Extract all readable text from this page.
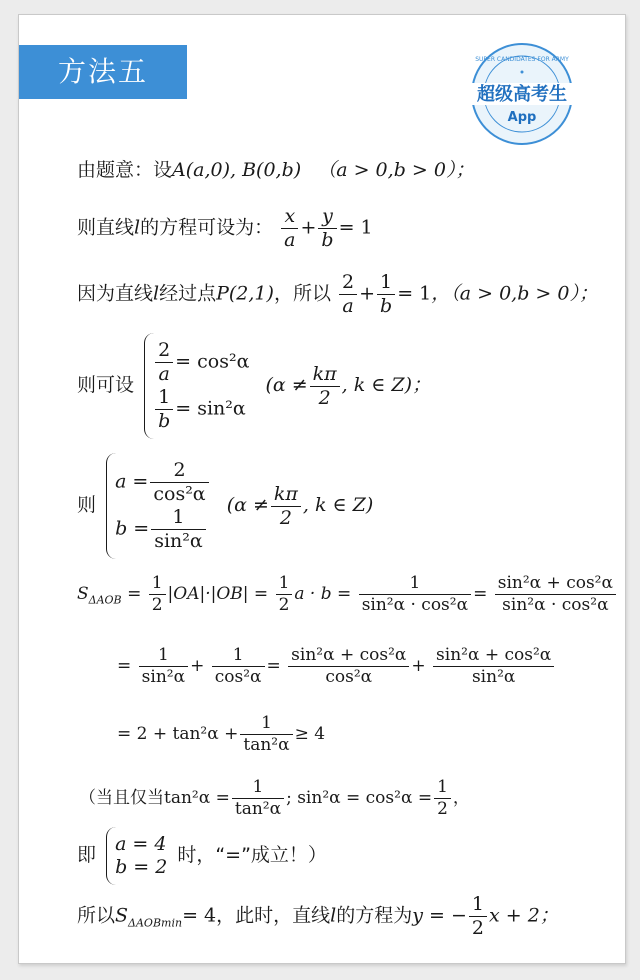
方法五
超级高考生
App
SUPER CANDIDATES FOR ARMY
由题意：设A(a,0), B(0,b) （a > 0,b > 0）；
则直线l的方程可设为： $\frac{x}{a} + \frac{y}{b} = 1$
因为直线l经过点P(2,1)，所以 $\frac{2}{a} + \frac{1}{b} = 1$，（a > 0,b > 0）；
则可设
$\frac{2}{a} = \cos^2\alpha$
$\frac{1}{b} = \sin^2\alpha$
($\alpha \ne \frac{k\pi}{2}$ , k ∈ Z)；
则
$a = \frac{2}{\text{cos²α}}$
$b = \frac{1}{\text{sin²α}}$
($\alpha \ne \frac{k\pi}{2}$ , k ∈ Z)
$S_{\Delta AOB} = \frac{1}{2} |OA|\cdot|OB| = \frac{1}{2}$ $a \cdot b = \frac{1}{\text{sin²α · cos²α}} = \frac{\text{sin²α + cos²α}}{\text{sin²α · cos²α}}$
= $\frac{1}{\text{sin²α}} + \frac{1}{\text{cos²α}} = \frac{\text{sin²α + cos²α}}{\text{cos²α}} + \frac{\text{sin²α + cos²α}}{\text{sin²α}}$
= $2 + \tan^2\alpha + \frac{1}{\text{tan²α}} \ge 4$
（当且仅当$\tan^2\alpha = \frac{1}{\text{tan²α}}$ ; $\sin^2\alpha = \cos^2\alpha = \frac{1}{2}$ ，
即 a = 4
b = 2
时，“=”成立！）
所以$S_{\Delta AOBmin}= 4$，此时，直线l的方程为y = − $\frac{1}{2}$ x + 2；
